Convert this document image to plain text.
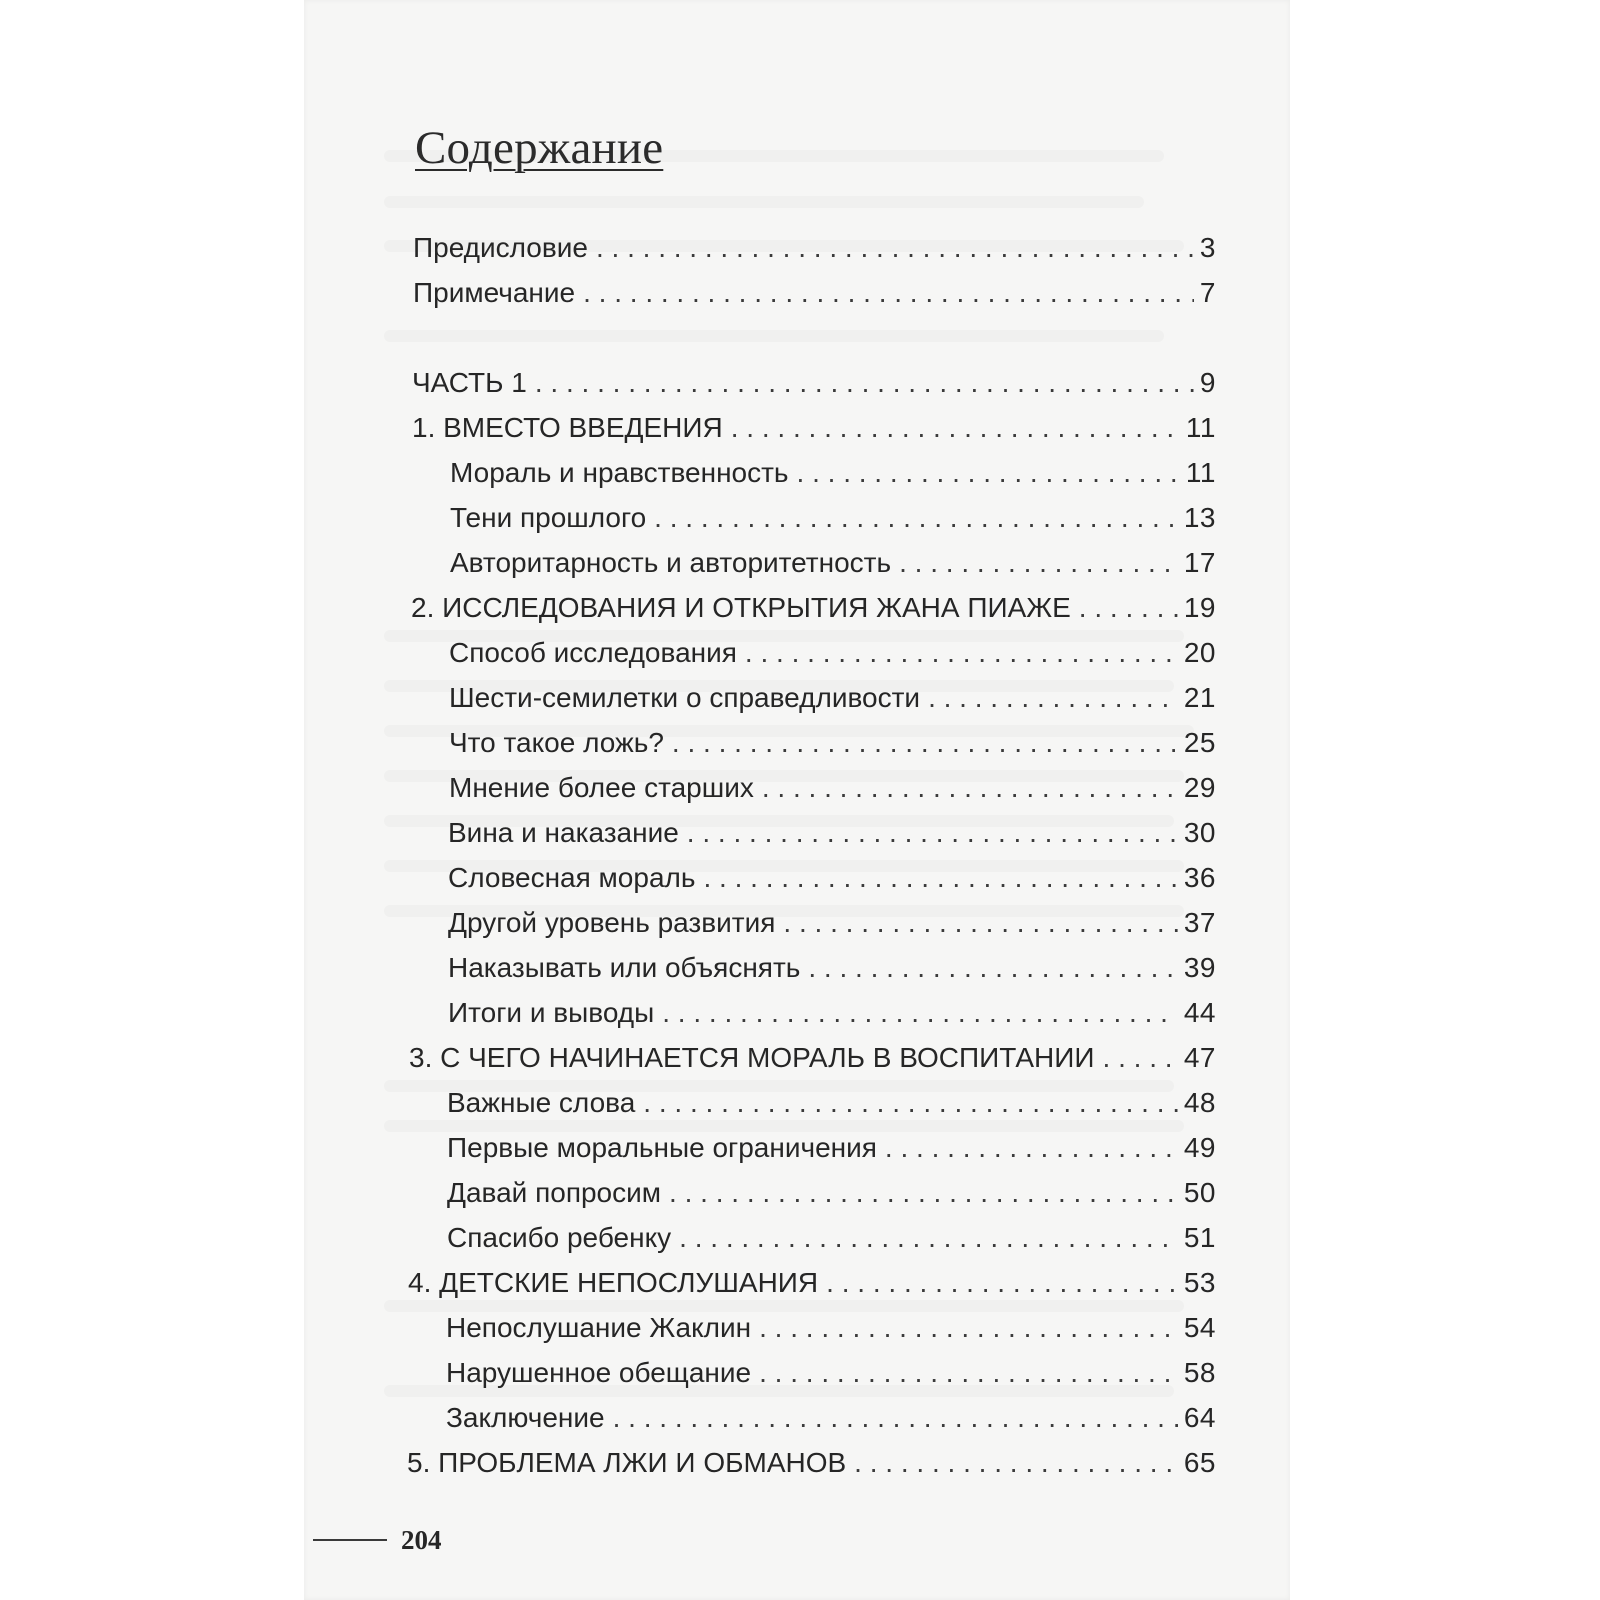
Содержание
Предисловие . . .	3
Примечание . . .	7
ЧАСТЬ 1 . . .	9
1. ВМЕСТО ВВЕДЕНИЯ . . .	11
Мораль и нравственность . . .	11
Тени прошлого . . .	13
Авторитарность и авторитетность . . .	17
2. ИССЛЕДОВАНИЯ И ОТКРЫТИЯ ЖАНА ПИАЖЕ . . .	19
Способ исследования . . .	20
Шести-семилетки о справедливости . . .	21
Что такое ложь? . . .	25
Мнение более старших . . .	29
Вина и наказание . . .	30
Словесная мораль . . .	36
Другой уровень развития . . .	37
Наказывать или объяснять . . .	39
Итоги и выводы . . .	44
3. С ЧЕГО НАЧИНАЕТСЯ МОРАЛЬ В ВОСПИТАНИИ . . .	47
Важные слова . . .	48
Первые моральные ограничения . . .	49
Давай попросим . . .	50
Спасибо ребенку . . .	51
4. ДЕТСКИЕ НЕПОСЛУШАНИЯ . . .	53
Непослушание Жаклин . . .	54
Нарушенное обещание . . .	58
Заключение . . .	64
5. ПРОБЛЕМА ЛЖИ И ОБМАНОВ . . .	65
204
